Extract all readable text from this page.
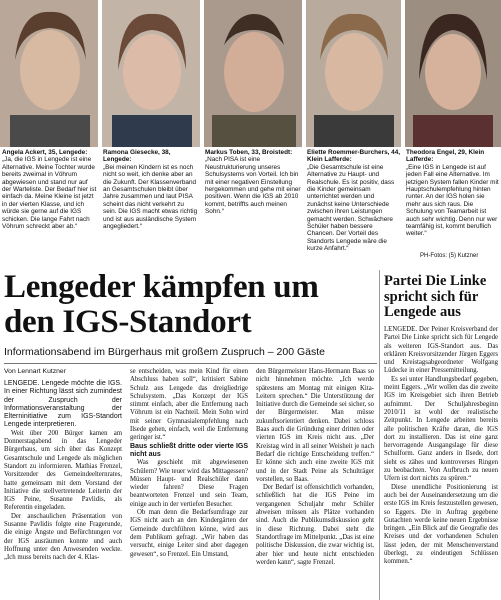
Angela Ackert, 35, Lengede:
„Ja, die IGS in Lengede ist eine Alternative. Meine Tochter wurde bereits zweimal in Vöhrum abgewiesen und stand nur auf der Warteliste. Der Bedarf hier ist einfach da. Meine Kleine ist jetzt in der vierten Klasse, und ich würde sie gerne auf die IGS schicken. Die lange Fahrt nach Vöhrum schreckt aber ab.“
Ramona Giesecke, 38, Lengede:
„Bei meinen Kindern ist es noch nicht so weit, ich denke aber an die Zukunft. Der Klassenverband an Gesamtschulen bleibt über Jahre zusammen und laut PISA scheint das nicht verkehrt zu sein. Die IGS macht etwas richtig und ist aus ausländische System angegliedert.“
Markus Toben, 33, Broistedt:
„Nach PISA ist eine Neustrukturierung unseres Schulsystems von Vorteil. Ich bin mit einer negativen Einstellung hergekommen und gehe mit einer positiven. Wenn die IGS ab 2010 kommt, betriffts auch meinen Sohn.“
Eliette Roemmer-Burchers, 44, Klein Lafferde:
„Die Gesamtschule ist eine Alternative zu Haupt- und Realschule. Es ist positiv, dass die Kinder gemeinsam unterrichtet werden und zunächst keine Unterschiede zwischen ihren Leistungen gemacht werden. Schwächere Schüler haben bessere Chancen. Der Vorteil des Standorts Lengede wäre die kurze Anfahrt.“
Theodora Engel, 29, Klein Lafferde:
„Eine IGS in Lengede ist auf jeden Fall eine Alternative. Im jetzigen System fallen Kinder mit Hauptschulempfehlung hinten runter. An der IGS holen sie mehr aus sich raus. Die Schulung von Teamarbeit ist auch sehr wichtig. Denn nur wer teamfähig ist, kommt beruflich weiter.“
PH-Fotos: (5) Kutzner
Lengeder kämpfen um den IGS-Standort
Informationsabend im Bürgerhaus mit großem Zuspruch – 200 Gäste
Von Lennart Kutzner

LENGEDE. Lengede möchte die IGS. In einer Richtung lässt sich zumindest der Zuspruch der Informationsveranstaltung der Elterninitiative zum IGS-Standort Lengede interpretieren.

Weit über 200 Bürger kamen am Donnerstagabend in das Lengeder Bürgerhaus, um sich über das Konzept Gesamtschule und Lengede als möglichen Standort zu informieren. Mathias Frenzel, Vorsitzender des Gemeindeelternrates, hatte gemeinsam mit dem Vorstand der Initiative die stellvertretende Leiterin der IGS Peine, Susanne Pavlidis, als Referentin eingeladen.

Der anschaulichen Präsentation von Susanne Pavlidis folgte eine Fragerunde, die einige Ängste und Befürchtungen vor der IGS ausräumen konnte und auch Hoffnung unter den Anwesenden weckte. „Ich muss bereits nach der 4. Klas-

se entscheiden, was mein Kind für einen Abschluss haben soll“, kritisiert Sabine Schulz aus Lengede das dreigliedrige Schulsystem. „Das Konzept der IGS stimmt einfach, aber die Entfernung nach Vöhrum ist ein Nachteil. Mein Sohn wird mit seiner Gymnasialempfehlung nach Ilsede gehen, einfach, weil die Entfernung geringer ist.“

Baus schließt dritte oder vierte IGS nicht aus

Was geschieht mit abgewiesenen Schülern? Wie teuer wird das Mittagessen? Müssen Haupt- und Realschüler dann wieder fahren? Diese Fragen beantworteten Frenzel und sein Team, einige auch in der vertiefen Besucher.

Ob man denn die Bedarfsumfrage zur IGS nicht auch an den Kindergärten der Gemeinde durchführen könne, wird aus dem Publikum gefragt. „Wir haben das versucht, einige Leiter sind aber dagegen gewesen“, so Frenzel. Ein Umstand,

den Bürgermeister Hans-Hermann Baas so nicht hinnehmen möchte. „Ich werde spätestens am Montag mit einigen Kita-Leitern sprechen.“ Die Unterstützung der Initiative durch die Gemeinde sei sicher, so der Bürgermeister. Man müsse zukunftsorientiert denken. Dabei schloss Baas auch die Gründung einer dritten oder vierten IGS im Kreis nicht aus. „Der Kreistag wird in all seiner Weisheit je nach Bedarf die richtige Entscheidung treffen.“ Er könne sich auch eine zweite IGS mit und in der Stadt Peine als Schulträger vorstellen, so Baas.

Der Bedarf ist offensichtlich vorhanden, schließlich hat die IGS Peine im vergangenen Schuljahr mehr Schüler abweisen müssen als Plätze vorhanden sind. Auch die Publikumsdiskussion geht in diese Richtung. Dabei steht die Standortfrage im Mittelpunkt. „Das ist eine politische Diskussion, die zwar wichtig ist, aber hier und heute nicht entschieden werden kann“, sagte Frenzel.

Partei Die Linke spricht sich für Lengede aus

LENGEDE. Der Peiner Kreisverband der Partei Die Linke spricht sich für Lengede als weiteren IGS-Standort aus. Das erklären Kreisvorsitzender Jürgen Eggers und Kreistagsabgeordneter Wolfgang Lüdecke in einer Pressemitteilung.

Es sei unter Handlungsbedarf gegeben, meint Eggers. „Wir wollen das die zweite IGS im Kreisgebiet sich ihren Betrieb aufnimmt. Der Schuljahresbeginn 2010/11 ist wohl der realistische Zeitpunkt. In Lengede arbeiten bereits alle politischen Kräfte daran, die IGS dort zu installieren. Das ist eine ganz hervorragende Ausgangslage für diese Schulform. Ganz anders in Ilsede, dort sieht es zähes und kontroverses Ringen zu beobachten. Von Aufbruch zu neuen Ufern ist dort nichts zu spüren.“

Diese unendliche Positionierung ist auch bei der Auseinandersetzung um die erste IGS im Kreis festzustellen gewesen, so Eggers. Die in Auftrag gegebene Gutachten werde keine neuen Ergebnisse bringen. „Ein Blick auf die Geografie des Kreises und der vorhandenen Schulen lässt jeden, der mit Menschenverstand überlegt, zu eindeutigen Schlüssen kommen.“
